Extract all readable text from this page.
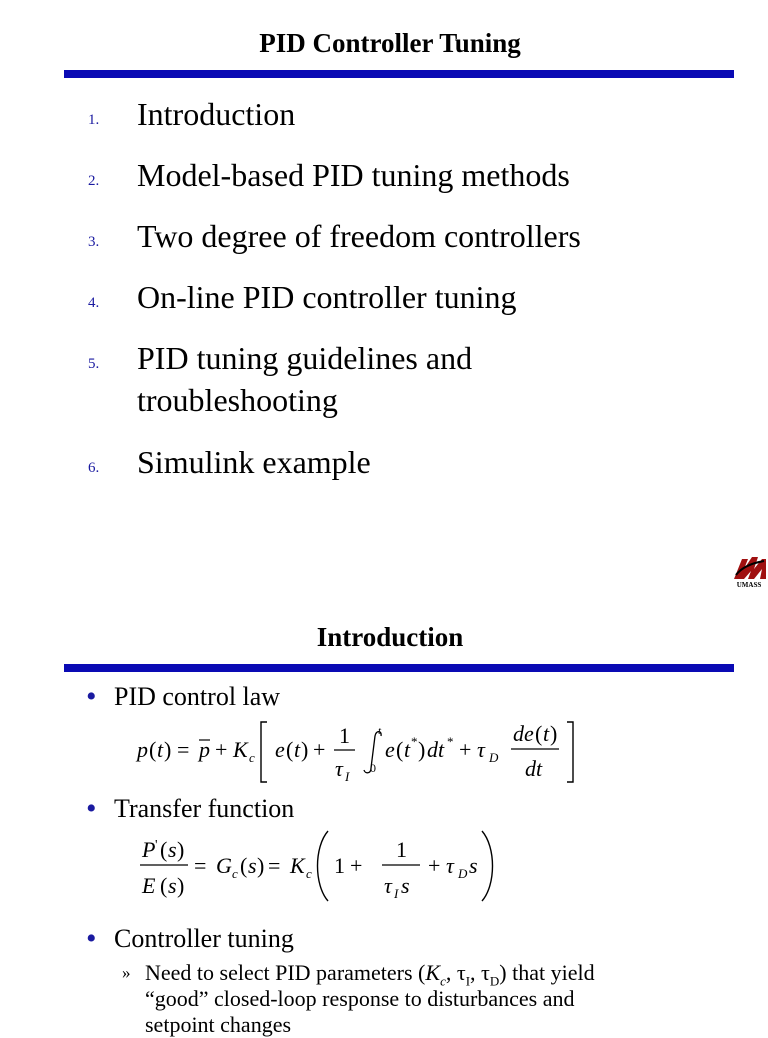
PID Controller Tuning
1. Introduction
2. Model-based PID tuning methods
3. Two degree of freedom controllers
4. On-line PID controller tuning
5. PID tuning guidelines and
troubleshooting
6. Simulink example
UMASS
Introduction
• PID control law
p ( t ) = p + K c e ( t ) +
1
τ I
t
0
e ( t * ) dt * + τ D
de ( t )
dt
• Transfer function
P ' ( s )
E ( s )
= G c ( s ) = K c 1 +
1
τ I s
+ τ D s
• Controller tuning
» Need to select PID parameters ($K_c$, $\tau_I$, $\tau_D$) that yield
“good” closed-loop response to disturbances and
setpoint changes
